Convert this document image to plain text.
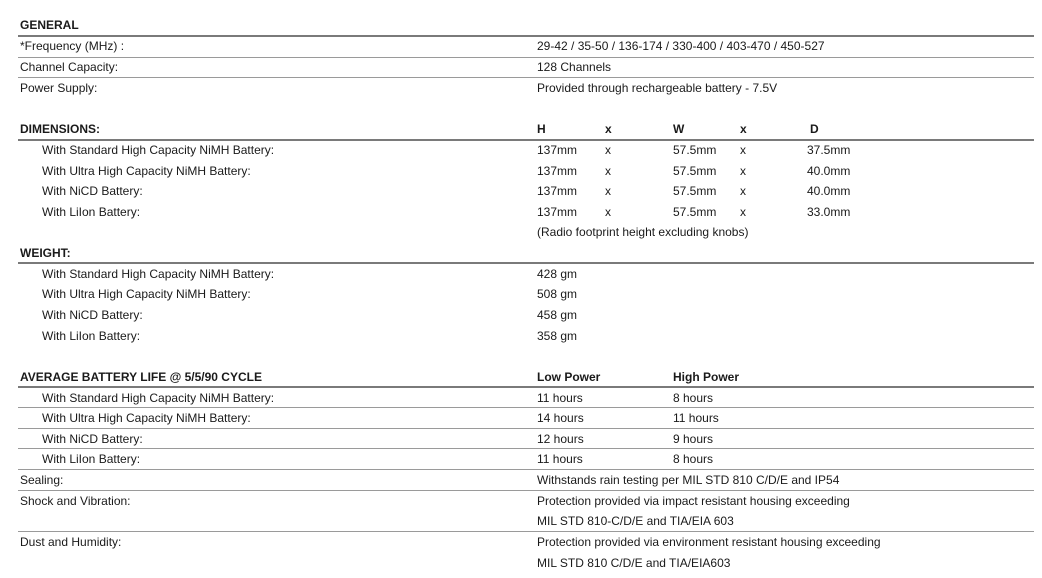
GENERAL
*Frequency (MHz) :	29-42 / 35-50 / 136-174 / 330-400 / 403-470 / 450-527
Channel Capacity:	128 Channels
Power Supply:	Provided through rechargeable battery - 7.5V
DIMENSIONS:	H	x	W	x	D
With Standard High Capacity NiMH Battery:	137mm x	57.5mm x	37.5mm
With Ultra High Capacity NiMH Battery:	137mm x	57.5mm x	40.0mm
With NiCD Battery:	137mm x	57.5mm x	40.0mm
With LiIon Battery:	137mm x	57.5mm x	33.0mm
(Radio footprint height excluding knobs)
WEIGHT:
With Standard High Capacity NiMH Battery:	428 gm
With Ultra High Capacity NiMH Battery:	508 gm
With NiCD Battery:	458 gm
With LiIon Battery:	358 gm
AVERAGE BATTERY LIFE @ 5/5/90 CYCLE	Low Power	High Power
With Standard High Capacity NiMH Battery:	11 hours	8 hours
With Ultra High Capacity NiMH Battery:	14 hours	11 hours
With NiCD Battery:	12 hours	9 hours
With LiIon Battery:	11 hours	8 hours
Sealing:	Withstands rain testing per MIL STD 810 C/D/E and IP54
Shock and Vibration:	Protection provided via impact resistant housing exceeding
MIL STD 810-C/D/E and TIA/EIA 603
Dust and Humidity:	Protection provided via environment resistant housing exceeding
MIL STD 810 C/D/E and TIA/EIA603
